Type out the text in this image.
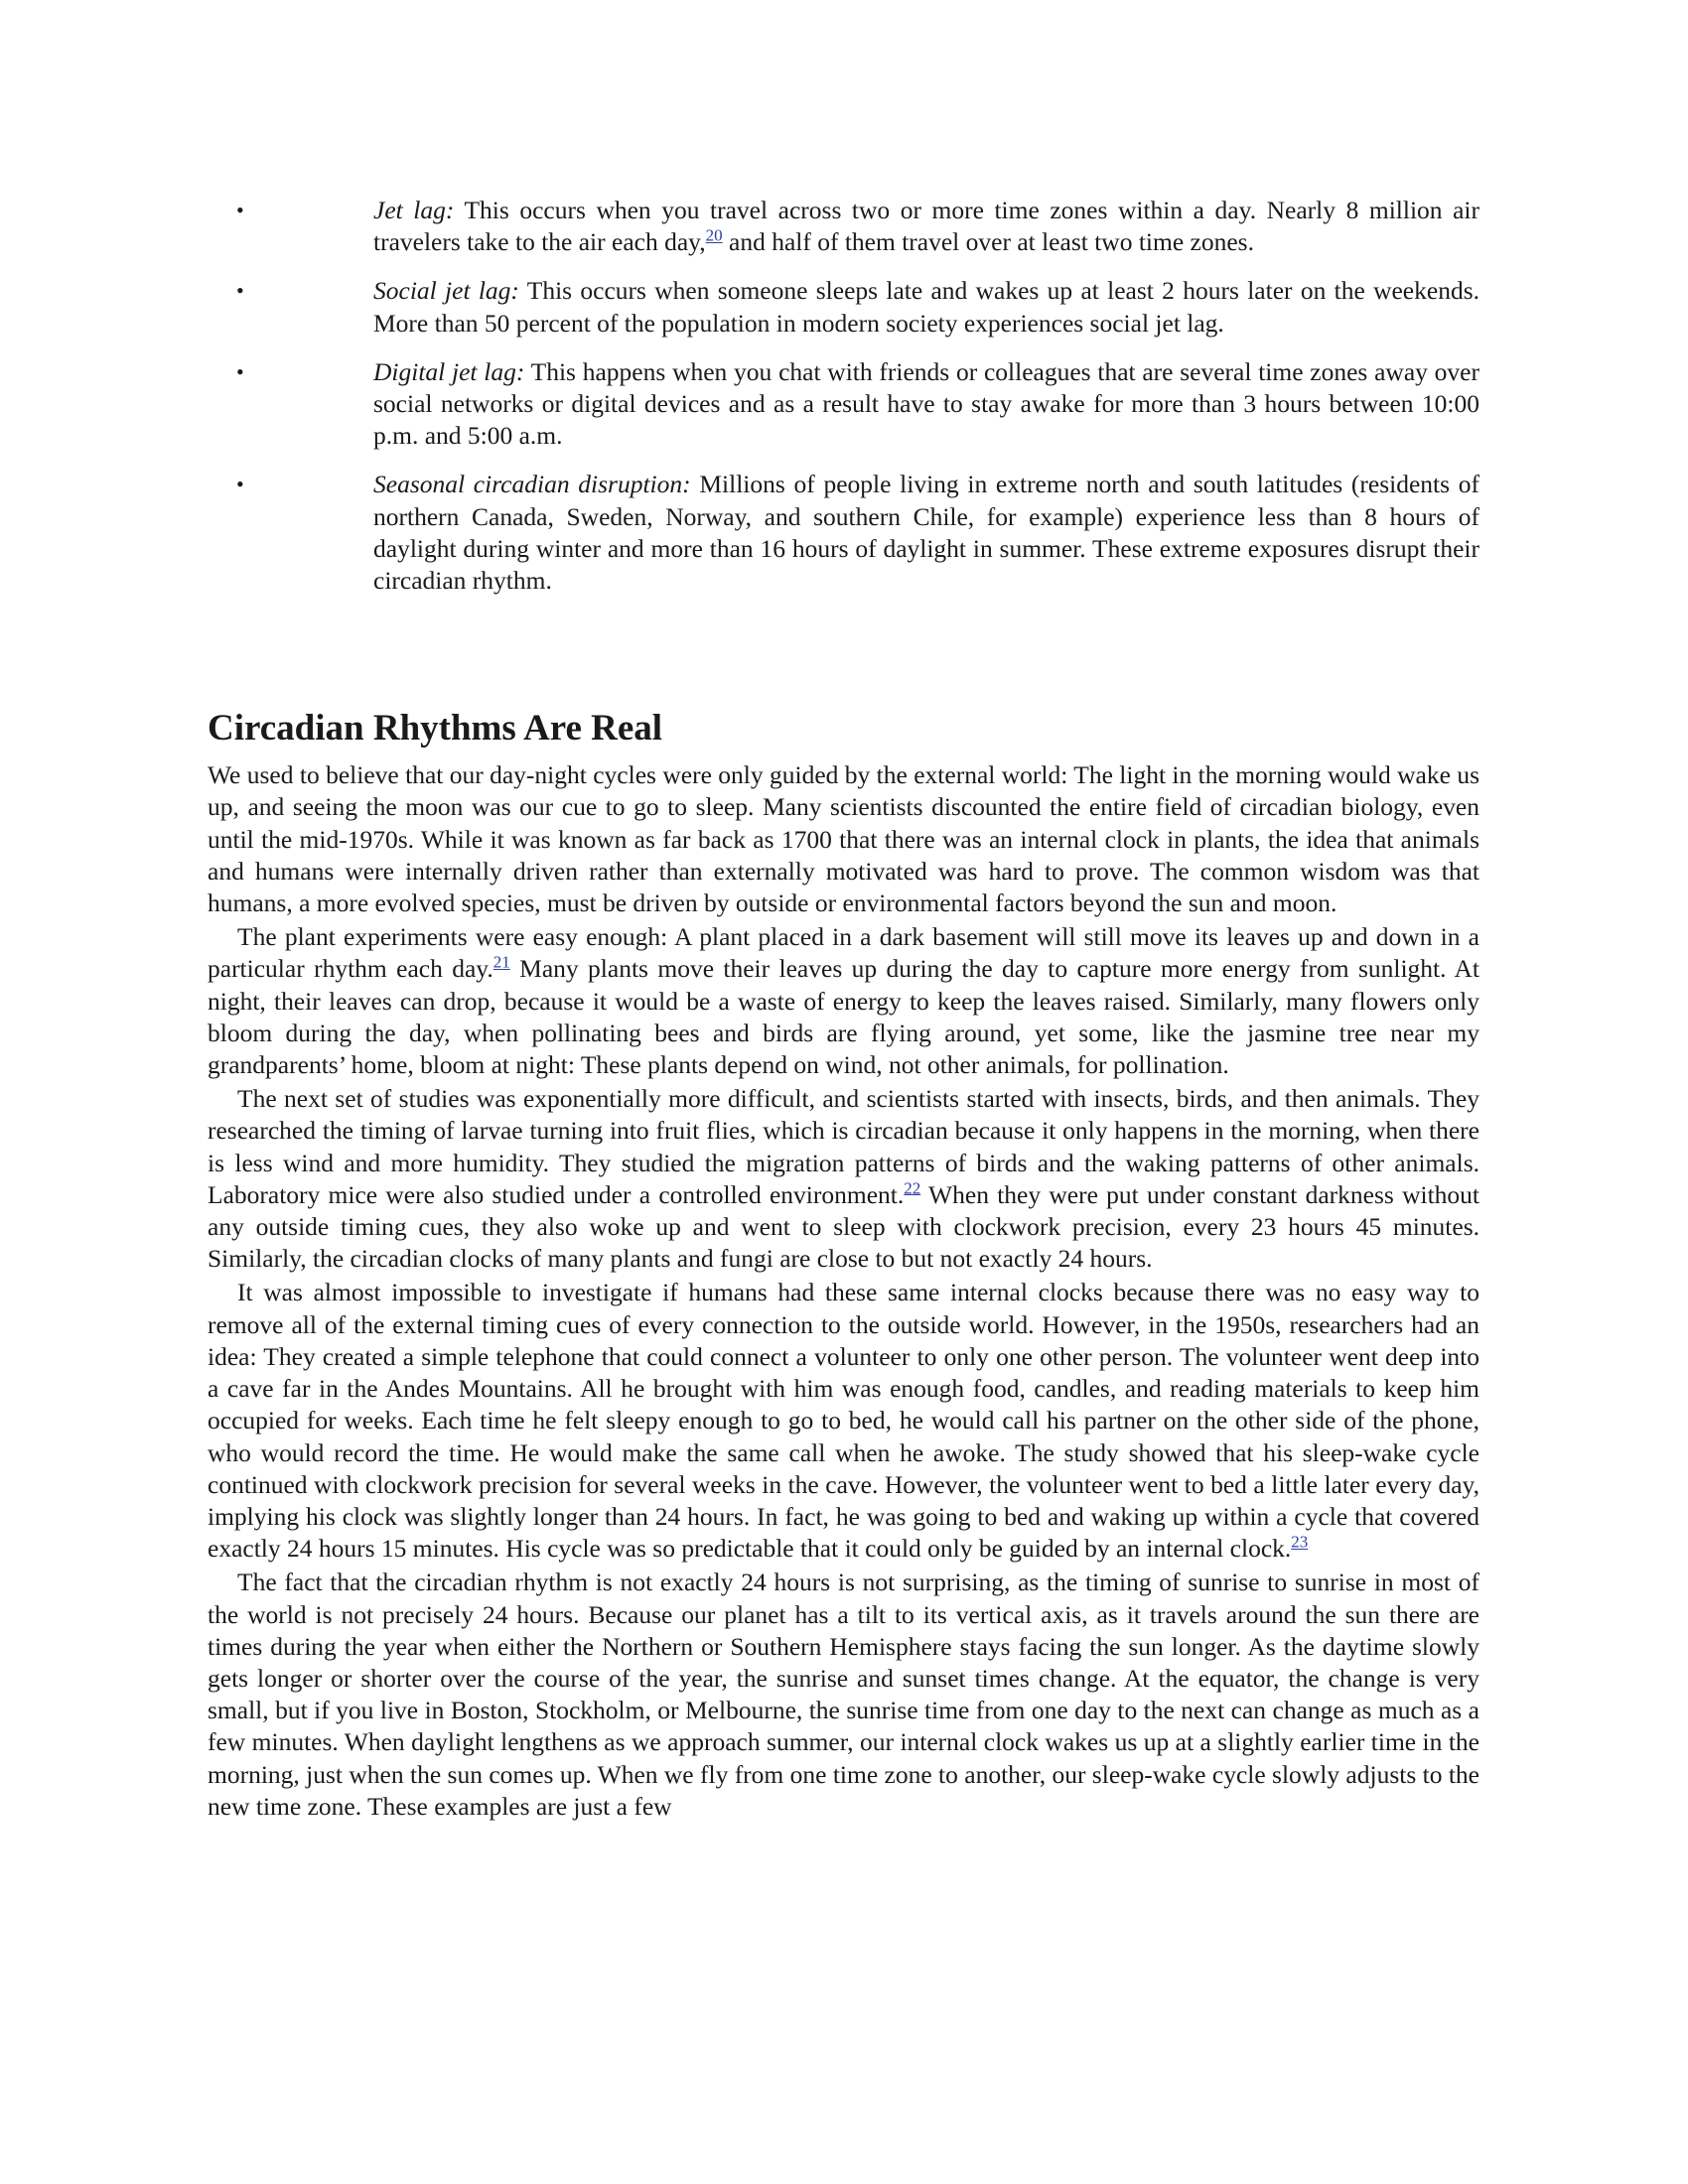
•	Jet lag: This occurs when you travel across two or more time zones within a day. Nearly 8 million air travelers take to the air each day,$^{20}$ and half of them travel over at least two time zones.
•	Social jet lag: This occurs when someone sleeps late and wakes up at least 2 hours later on the weekends. More than 50 percent of the population in modern society experiences social jet lag.
•	Digital jet lag: This happens when you chat with friends or colleagues that are several time zones away over social networks or digital devices and as a result have to stay awake for more than 3 hours between 10:00 p.m. and 5:00 a.m.
•	Seasonal circadian disruption: Millions of people living in extreme north and south latitudes (residents of northern Canada, Sweden, Norway, and southern Chile, for example) experience less than 8 hours of daylight during winter and more than 16 hours of daylight in summer. These extreme exposures disrupt their circadian rhythm.
Circadian Rhythms Are Real

We used to believe that our day-night cycles were only guided by the external world: The light in the morning would wake us up, and seeing the moon was our cue to go to sleep. Many scientists discounted the entire field of circadian biology, even until the mid-1970s. While it was known as far back as 1700 that there was an internal clock in plants, the idea that animals and humans were internally driven rather than externally motivated was hard to prove. The common wisdom was that humans, a more evolved species, must be driven by outside or environmental factors beyond the sun and moon.

The plant experiments were easy enough: A plant placed in a dark basement will still move its leaves up and down in a particular rhythm each day.$^{21}$ Many plants move their leaves up during the day to capture more energy from sunlight. At night, their leaves can drop, because it would be a waste of energy to keep the leaves raised. Similarly, many flowers only bloom during the day, when pollinating bees and birds are flying around, yet some, like the jasmine tree near my grandparents’ home, bloom at night: These plants depend on wind, not other animals, for pollination.

The next set of studies was exponentially more difficult, and scientists started with insects, birds, and then animals. They researched the timing of larvae turning into fruit flies, which is circadian because it only happens in the morning, when there is less wind and more humidity. They studied the migration patterns of birds and the waking patterns of other animals. Laboratory mice were also studied under a controlled environment.$^{22}$ When they were put under constant darkness without any outside timing cues, they also woke up and went to sleep with clockwork precision, every 23 hours 45 minutes. Similarly, the circadian clocks of many plants and fungi are close to but not exactly 24 hours.

It was almost impossible to investigate if humans had these same internal clocks because there was no easy way to remove all of the external timing cues of every connection to the outside world. However, in the 1950s, researchers had an idea: They created a simple telephone that could connect a volunteer to only one other person. The volunteer went deep into a cave far in the Andes Mountains. All he brought with him was enough food, candles, and reading materials to keep him occupied for weeks. Each time he felt sleepy enough to go to bed, he would call his partner on the other side of the phone, who would record the time. He would make the same call when he awoke. The study showed that his sleep-wake cycle continued with clockwork precision for several weeks in the cave. However, the volunteer went to bed a little later every day, implying his clock was slightly longer than 24 hours. In fact, he was going to bed and waking up within a cycle that covered exactly 24 hours 15 minutes. His cycle was so predictable that it could only be guided by an internal clock.$^{23}$

The fact that the circadian rhythm is not exactly 24 hours is not surprising, as the timing of sunrise to sunrise in most of the world is not precisely 24 hours. Because our planet has a tilt to its vertical axis, as it travels around the sun there are times during the year when either the Northern or Southern Hemisphere stays facing the sun longer. As the daytime slowly gets longer or shorter over the course of the year, the sunrise and sunset times change. At the equator, the change is very small, but if you live in Boston, Stockholm, or Melbourne, the sunrise time from one day to the next can change as much as a few minutes. When daylight lengthens as we approach summer, our internal clock wakes us up at a slightly earlier time in the morning, just when the sun comes up. When we fly from one time zone to another, our sleep-wake cycle slowly adjusts to the new time zone. These examples are just a few
